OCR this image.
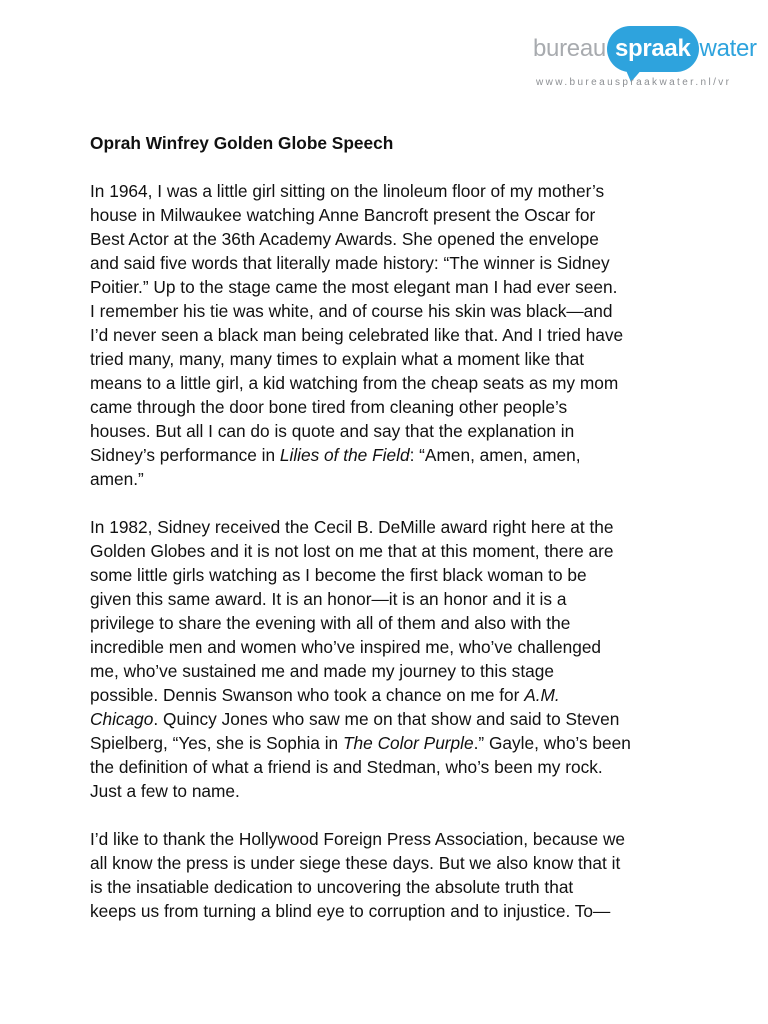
bureau spraak water
www.bureauspraakwater.nl/vr
Oprah Winfrey Golden Globe Speech
In 1964, I was a little girl sitting on the linoleum floor of my mother’s
house in Milwaukee watching Anne Bancroft present the Oscar for
Best Actor at the 36th Academy Awards. She opened the envelope
and said five words that literally made history: “The winner is Sidney
Poitier.” Up to the stage came the most elegant man I had ever seen.
I remember his tie was white, and of course his skin was black—and
I’d never seen a black man being celebrated like that. And I tried have
tried many, many, many times to explain what a moment like that
means to a little girl, a kid watching from the cheap seats as my mom
came through the door bone tired from cleaning other people’s
houses. But all I can do is quote and say that the explanation in
Sidney’s performance in Lilies of the Field: “Amen, amen, amen,
amen.”
In 1982, Sidney received the Cecil B. DeMille award right here at the
Golden Globes and it is not lost on me that at this moment, there are
some little girls watching as I become the first black woman to be
given this same award. It is an honor—it is an honor and it is a
privilege to share the evening with all of them and also with the
incredible men and women who’ve inspired me, who’ve challenged
me, who’ve sustained me and made my journey to this stage
possible. Dennis Swanson who took a chance on me for A.M.
Chicago. Quincy Jones who saw me on that show and said to Steven
Spielberg, “Yes, she is Sophia in The Color Purple.” Gayle, who’s been
the definition of what a friend is and Stedman, who’s been my rock.
Just a few to name.
I’d like to thank the Hollywood Foreign Press Association, because we
all know the press is under siege these days. But we also know that it
is the insatiable dedication to uncovering the absolute truth that
keeps us from turning a blind eye to corruption and to injustice. To—
